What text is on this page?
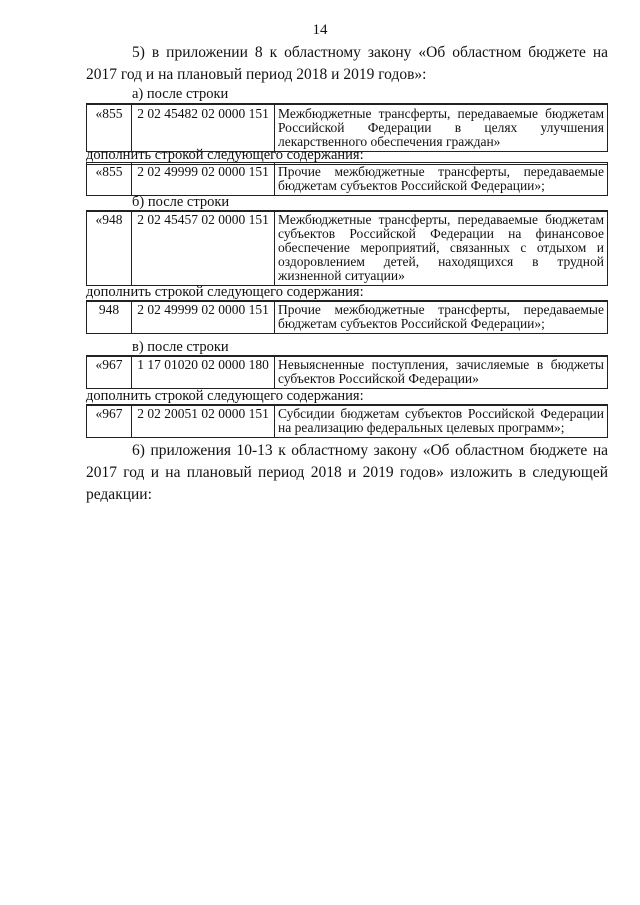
14

5) в приложении 8 к областному закону «Об областном бюджете на 2017 год и на плановый период 2018 и 2019 годов»:

а) после строки
«855	2 02 45482 02 0000 151	Межбюджетные трансферты, передаваемые бюджетам Российской Федерации в целях улучшения лекарственного обеспечения граждан»
дополнить строкой следующего содержания:
«855	2 02 49999 02 0000 151	Прочие межбюджетные трансферты, передаваемые бюджетам субъектов Российской Федерации»;
б) после строки
«948	2 02 45457 02 0000 151	Межбюджетные трансферты, передаваемые бюджетам субъектов Российской Федерации на финансовое обеспечение мероприятий, связанных с отдыхом и оздоровлением детей, находящихся в трудной жизненной ситуации»
дополнить строкой следующего содержания:
948	2 02 49999 02 0000 151	Прочие межбюджетные трансферты, передаваемые бюджетам субъектов Российской Федерации»;
в) после строки
«967	1 17 01020 02 0000 180	Невыясненные поступления, зачисляемые в бюджеты субъектов Российской Федерации»
дополнить строкой следующего содержания:
«967	2 02 20051 02 0000 151	Субсидии бюджетам субъектов Российской Федерации на реализацию федеральных целевых программ»;

6) приложения 10-13 к областному закону «Об областном бюджете на 2017 год и на плановый период 2018 и 2019 годов» изложить в следующей редакции:
